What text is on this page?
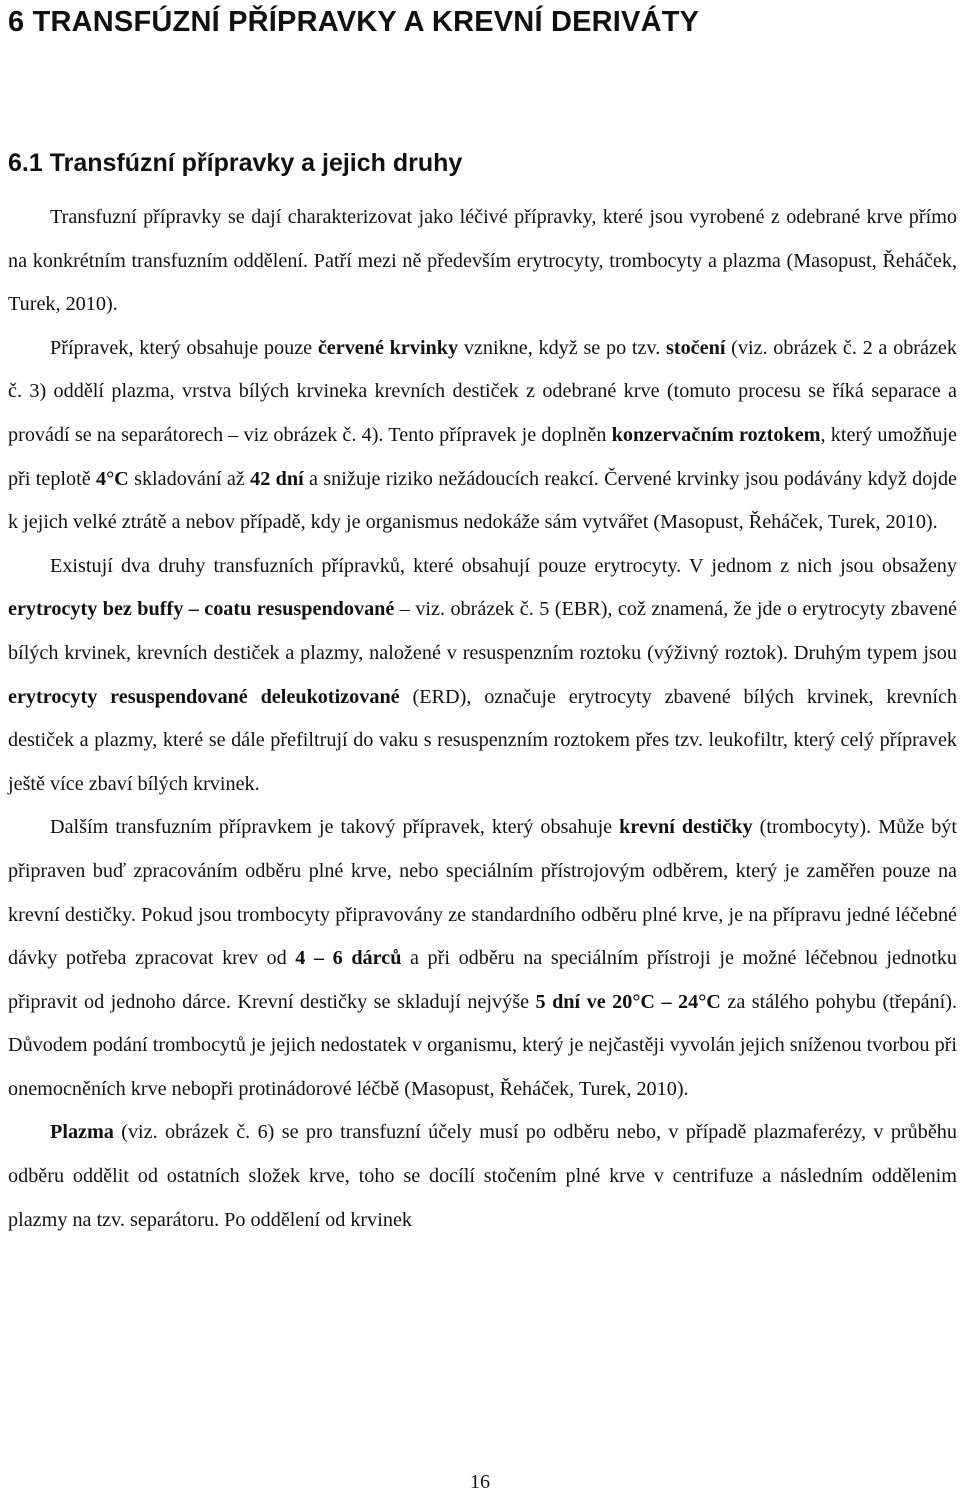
6 TRANSFÚZNÍ PŘÍPRAVKY A KREVNÍ DERIVÁTY
6.1 Transfúzní přípravky a jejich druhy

Transfuzní přípravky se dají charakterizovat jako léčivé přípravky, které jsou vyrobené z odebrané krve přímo na konkrétním transfuzním oddělení. Patří mezi ně především erytrocyty, trombocyty a plazma (Masopust, Řeháček, Turek, 2010).

Přípravek, který obsahuje pouze červené krvinky vznikne, když se po tzv. stočení (viz. obrázek č. 2 a obrázek č. 3) oddělí plazma, vrstva bílých krvineka krevních destiček z odebrané krve (tomuto procesu se říká separace a provádí se na separátorech – viz obrázek č. 4). Tento přípravek je doplněn konzervačním roztokem, který umožňuje při teplotě 4°C skladování až 42 dní a snižuje riziko nežádoucích reakcí. Červené krvinky jsou podávány když dojde k jejich velké ztrátě a nebov případě, kdy je organismus nedokáže sám vytvářet (Masopust, Řeháček, Turek, 2010).

Existují dva druhy transfuzních přípravků, které obsahují pouze erytrocyty. V jednom z nich jsou obsaženy erytrocyty bez buffy – coatu resuspendované – viz. obrázek č. 5 (EBR), což znamená, že jde o erytrocyty zbavené bílých krvinek, krevních destiček a plazmy, naložené v resuspenzním roztoku (výživný roztok). Druhým typem jsou erytrocyty resuspendované deleukotizované (ERD), označuje erytrocyty zbavené bílých krvinek, krevních destiček a plazmy, které se dále přefiltrují do vaku s resuspenzním roztokem přes tzv. leukofiltr, který celý přípravek ještě více zbaví bílých krvinek.

Dalším transfuzním přípravkem je takový přípravek, který obsahuje krevní destičky (trombocyty). Může být připraven buď zpracováním odběru plné krve, nebo speciálním přístrojovým odběrem, který je zaměřen pouze na krevní destičky. Pokud jsou trombocyty připravovány ze standardního odběru plné krve, je na přípravu jedné léčebné dávky potřeba zpracovat krev od 4 – 6 dárců a při odběru na speciálním přístroji je možné léčebnou jednotku připravit od jednoho dárce. Krevní destičky se skladují nejvýše 5 dní ve 20°C – 24°C za stálého pohybu (třepání). Důvodem podání trombocytů je jejich nedostatek v organismu, který je nejčastěji vyvolán jejich sníženou tvorbou při onemocněních krve nebopři protinádorové léčbě (Masopust, Řeháček, Turek, 2010).

Plazma (viz. obrázek č. 6) se pro transfuzní účely musí po odběru nebo, v případě plazmaferézy, v průběhu odběru oddělit od ostatních složek krve, toho se docílí stočením plné krve v centrifuze a následním oddělenim plazmy na tzv. separátoru. Po oddělení od krvinek

16
